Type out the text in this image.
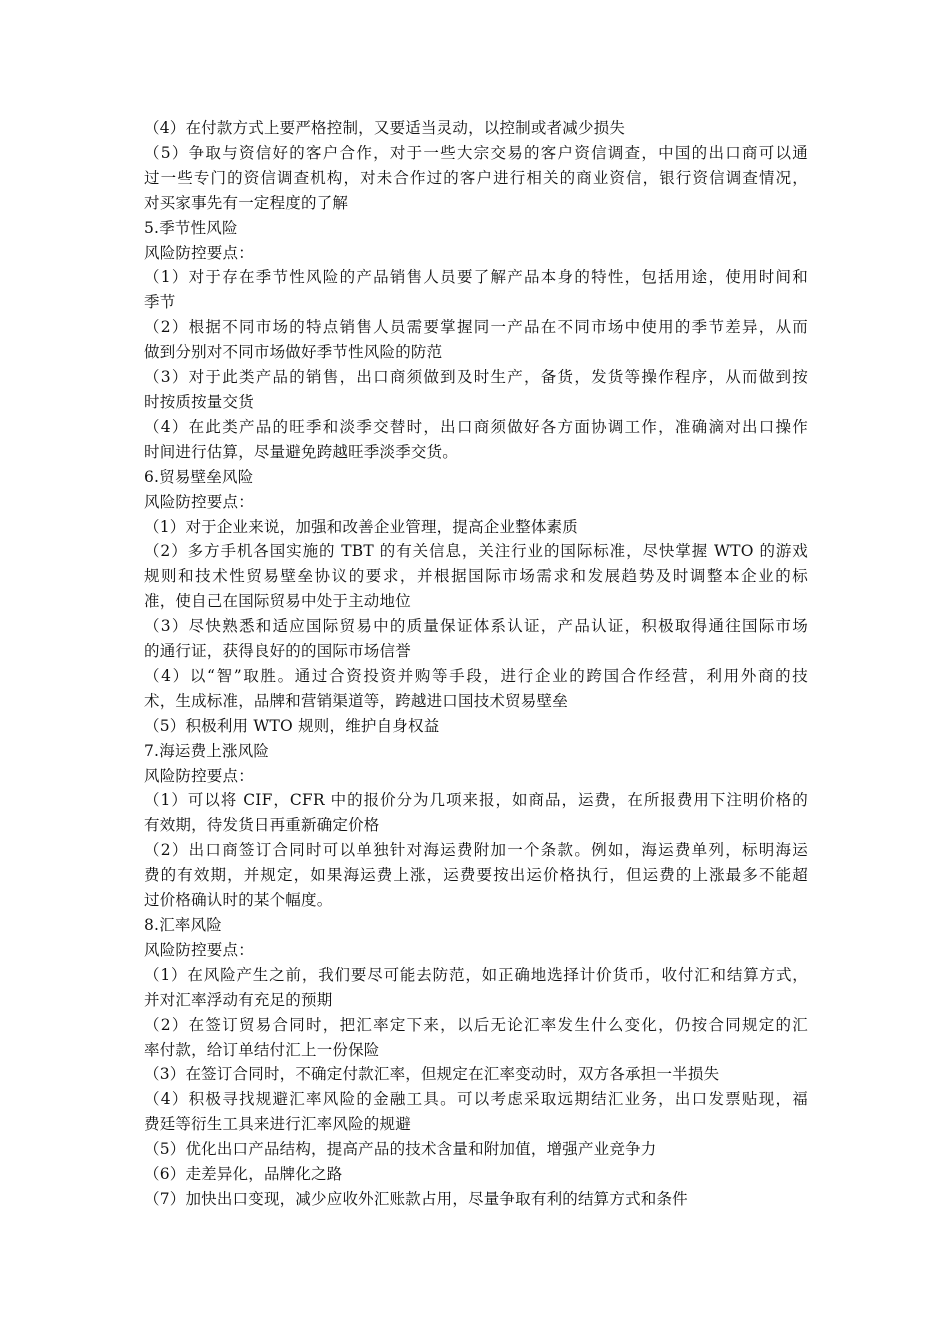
（4）在付款方式上要严格控制，又要适当灵动，以控制或者减少损失
（5）争取与资信好的客户合作，对于一些大宗交易的客户资信调查，中国的出口商可以通
过一些专门的资信调查机构，对未合作过的客户进行相关的商业资信，银行资信调查情况，
对买家事先有一定程度的了解
5.季节性风险
风险防控要点：
（1）对于存在季节性风险的产品销售人员要了解产品本身的特性，包括用途，使用时间和
季节
（2）根据不同市场的特点销售人员需要掌握同一产品在不同市场中使用的季节差异，从而
做到分别对不同市场做好季节性风险的防范
（3）对于此类产品的销售，出口商须做到及时生产，备货，发货等操作程序，从而做到按
时按质按量交货
（4）在此类产品的旺季和淡季交替时，出口商须做好各方面协调工作，准确滴对出口操作
时间进行估算，尽量避免跨越旺季淡季交货。
6.贸易壁垒风险
风险防控要点：
（1）对于企业来说，加强和改善企业管理，提高企业整体素质
（2）多方手机各国实施的 TBT 的有关信息，关注行业的国际标准，尽快掌握 WTO 的游戏
规则和技术性贸易壁垒协议的要求，并根据国际市场需求和发展趋势及时调整本企业的标
准，使自己在国际贸易中处于主动地位
（3）尽快熟悉和适应国际贸易中的质量保证体系认证，产品认证，积极取得通往国际市场
的通行证，获得良好的的国际市场信誉
（4）以“智”取胜。通过合资投资并购等手段，进行企业的跨国合作经营，利用外商的技
术，生成标准，品牌和营销渠道等，跨越进口国技术贸易壁垒
（5）积极利用 WTO 规则，维护自身权益
7.海运费上涨风险
风险防控要点：
（1）可以将 CIF，CFR 中的报价分为几项来报，如商品，运费，在所报费用下注明价格的
有效期，待发货日再重新确定价格
（2）出口商签订合同时可以单独针对海运费附加一个条款。例如，海运费单列，标明海运
费的有效期，并规定，如果海运费上涨，运费要按出运价格执行，但运费的上涨最多不能超
过价格确认时的某个幅度。
8.汇率风险
风险防控要点：
（1）在风险产生之前，我们要尽可能去防范，如正确地选择计价货币，收付汇和结算方式，
并对汇率浮动有充足的预期
（2）在签订贸易合同时，把汇率定下来，以后无论汇率发生什么变化，仍按合同规定的汇
率付款，给订单结付汇上一份保险
（3）在签订合同时，不确定付款汇率，但规定在汇率变动时，双方各承担一半损失
（4）积极寻找规避汇率风险的金融工具。可以考虑采取远期结汇业务，出口发票贴现，福
费廷等衍生工具来进行汇率风险的规避
（5）优化出口产品结构，提高产品的技术含量和附加值，增强产业竞争力
（6）走差异化，品牌化之路
（7）加快出口变现，减少应收外汇账款占用，尽量争取有利的结算方式和条件
